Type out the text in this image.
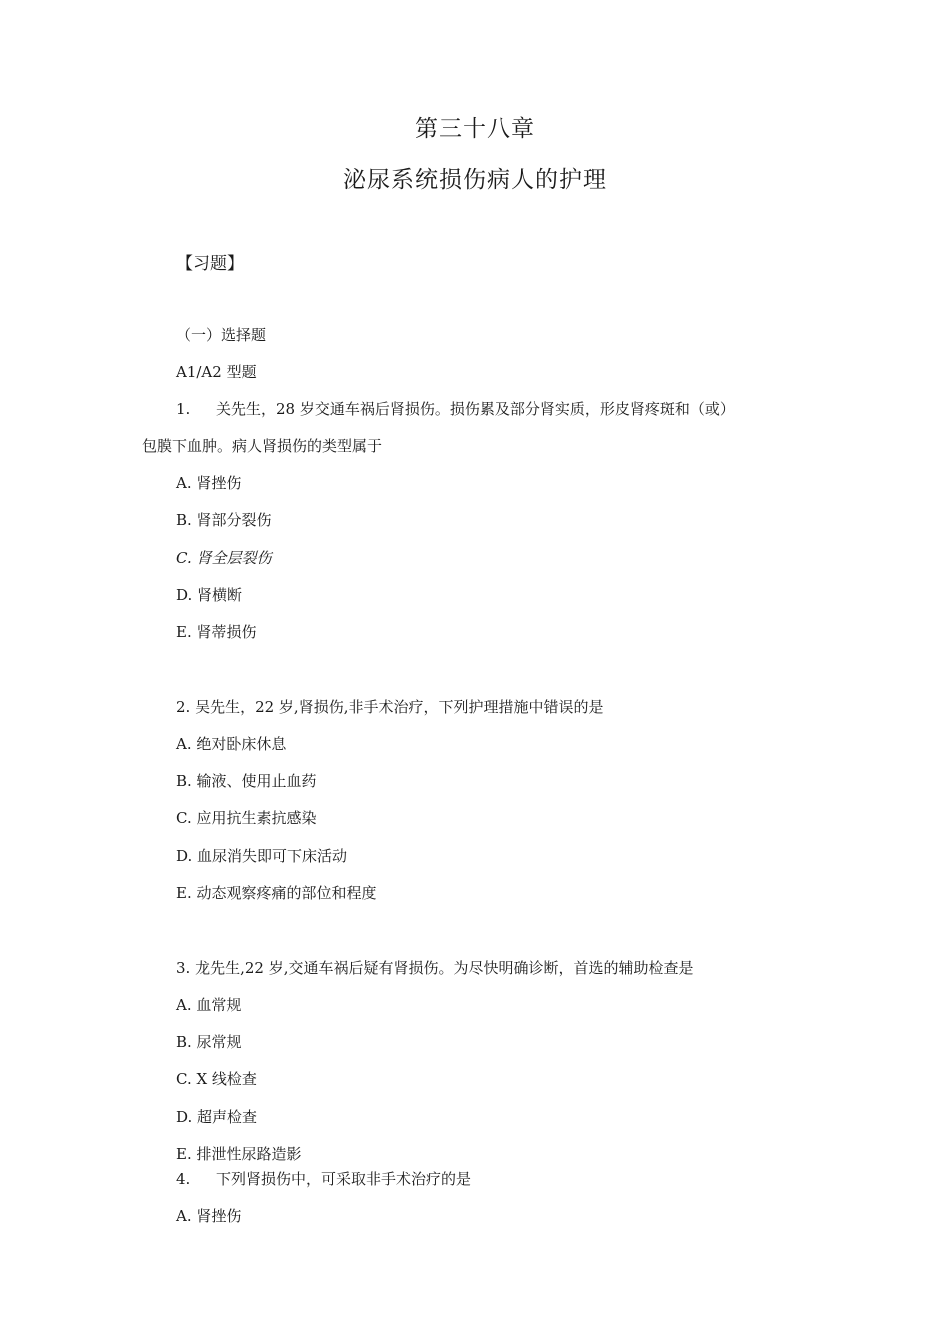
第三十八章
泌尿系统损伤病人的护理
【习题】
（一）选择题
A1/A2 型题
1. 关先生，28 岁交通车祸后肾损伤。损伤累及部分肾实质，形皮肾疼斑和（或）
包膜下血肿。病人肾损伤的类型属于
A. 肾挫伤
B. 肾部分裂伤
C. 肾全层裂伤
D. 肾横断
E. 肾蒂损伤
2. 吴先生，22 岁,肾损伤,非手术治疗，下列护理措施中错误的是
A. 绝对卧床休息
B. 输液、使用止血药
C. 应用抗生素抗感染
D. 血尿消失即可下床活动
E. 动态观察疼痛的部位和程度
3. 龙先生,22 岁,交通车祸后疑有肾损伤。为尽快明确诊断，首选的辅助检查是
A. 血常规
B. 尿常规
C. X 线检查
D. 超声检查
E. 排泄性尿路造影
4. 下列肾损伤中，可采取非手术治疗的是
A. 肾挫伤
